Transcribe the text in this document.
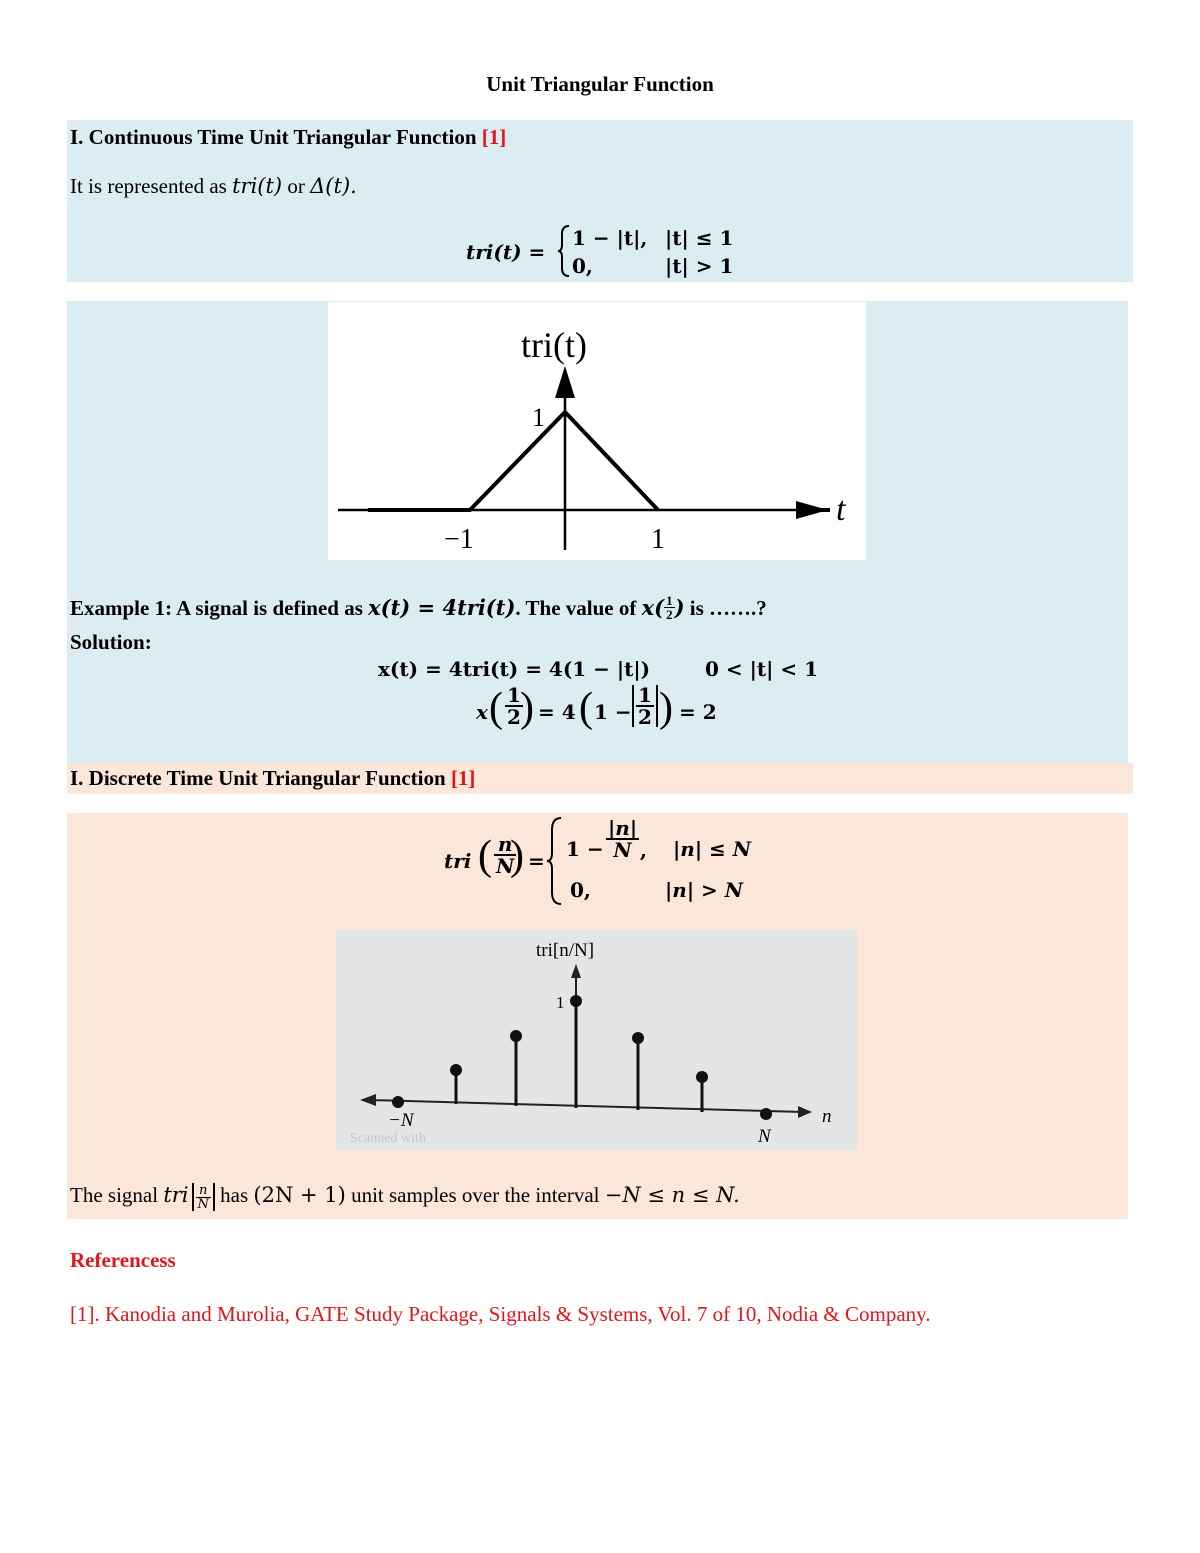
Unit Triangular Function
I. Continuous Time Unit Triangular Function [1]
It is represented as tri(t) or Δ(t).
tri(t) =
1 − |t|, |t| ≤ 1
0,	|t| > 1
tri(t)
1
−1	1
t
Example 1: A signal is defined as x(t) = 4tri(t). The value of $x( \frac{1}{2}$ ) is …….?
Solution:
x(t) = 4tri(t) = 4(1 − |t|)	0 < |t| < 1
x ( $\frac{1}{2}$
) = 4 ( $1 - \frac{1}{2}$ ) = 2
I. Discrete Time Unit Triangular Function [1]
tri ( $\frac{n}{N}$
) = $1 - \frac{|n|}{N}$ , |n| ≤ N
0,	|n| > N
tri[n/N]
1
−N
N
n
Scanned with
The signal tri $\frac{n}{N}$ has (2N + 1) unit samples over the interval −N ≤ n ≤ N.
Referencess
[1]. Kanodia and Murolia, GATE Study Package, Signals & Systems, Vol. 7 of 10, Nodia & Company.
